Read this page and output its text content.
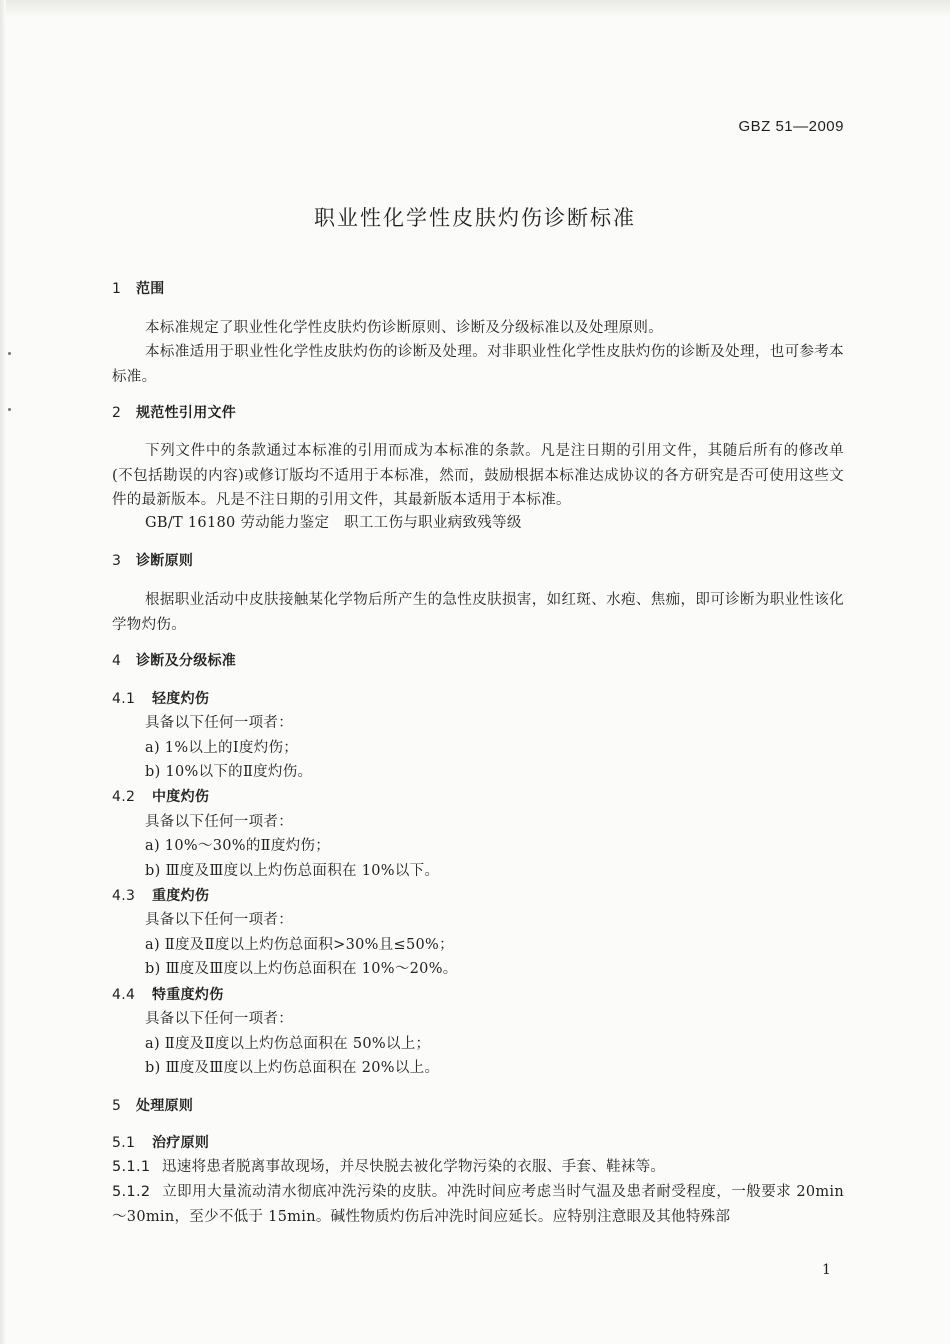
GBZ 51—2009
职业性化学性皮肤灼伤诊断标准
1 范围
本标准规定了职业性化学性皮肤灼伤诊断原则、诊断及分级标准以及处理原则。
本标准适用于职业性化学性皮肤灼伤的诊断及处理。对非职业性化学性皮肤灼伤的诊断及处理，也可参考本标准。
2 规范性引用文件
下列文件中的条款通过本标准的引用而成为本标准的条款。凡是注日期的引用文件，其随后所有的修改单(不包括勘误的内容)或修订版均不适用于本标准，然而，鼓励根据本标准达成协议的各方研究是否可使用这些文件的最新版本。凡是不注日期的引用文件，其最新版本适用于本标准。
GB/T 16180 劳动能力鉴定　职工工伤与职业病致残等级
3 诊断原则
根据职业活动中皮肤接触某化学物后所产生的急性皮肤损害，如红斑、水疱、焦痂，即可诊断为职业性该化学物灼伤。
4 诊断及分级标准
4.1 轻度灼伤
具备以下任何一项者：
a) 1%以上的Ⅰ度灼伤；
b) 10%以下的Ⅱ度灼伤。
4.2 中度灼伤
具备以下任何一项者：
a) 10%～30%的Ⅱ度灼伤；
b) Ⅲ度及Ⅲ度以上灼伤总面积在 10%以下。
4.3 重度灼伤
具备以下任何一项者：
a) Ⅱ度及Ⅱ度以上灼伤总面积>30%且≤50%；
b) Ⅲ度及Ⅲ度以上灼伤总面积在 10%～20%。
4.4 特重度灼伤
具备以下任何一项者：
a) Ⅱ度及Ⅱ度以上灼伤总面积在 50%以上；
b) Ⅲ度及Ⅲ度以上灼伤总面积在 20%以上。
5 处理原则
5.1 治疗原则
5.1.1 迅速将患者脱离事故现场，并尽快脱去被化学物污染的衣服、手套、鞋袜等。
5.1.2 立即用大量流动清水彻底冲洗污染的皮肤。冲洗时间应考虑当时气温及患者耐受程度，一般要求 20min～30min，至少不低于 15min。碱性物质灼伤后冲洗时间应延长。应特别注意眼及其他特殊部
1
